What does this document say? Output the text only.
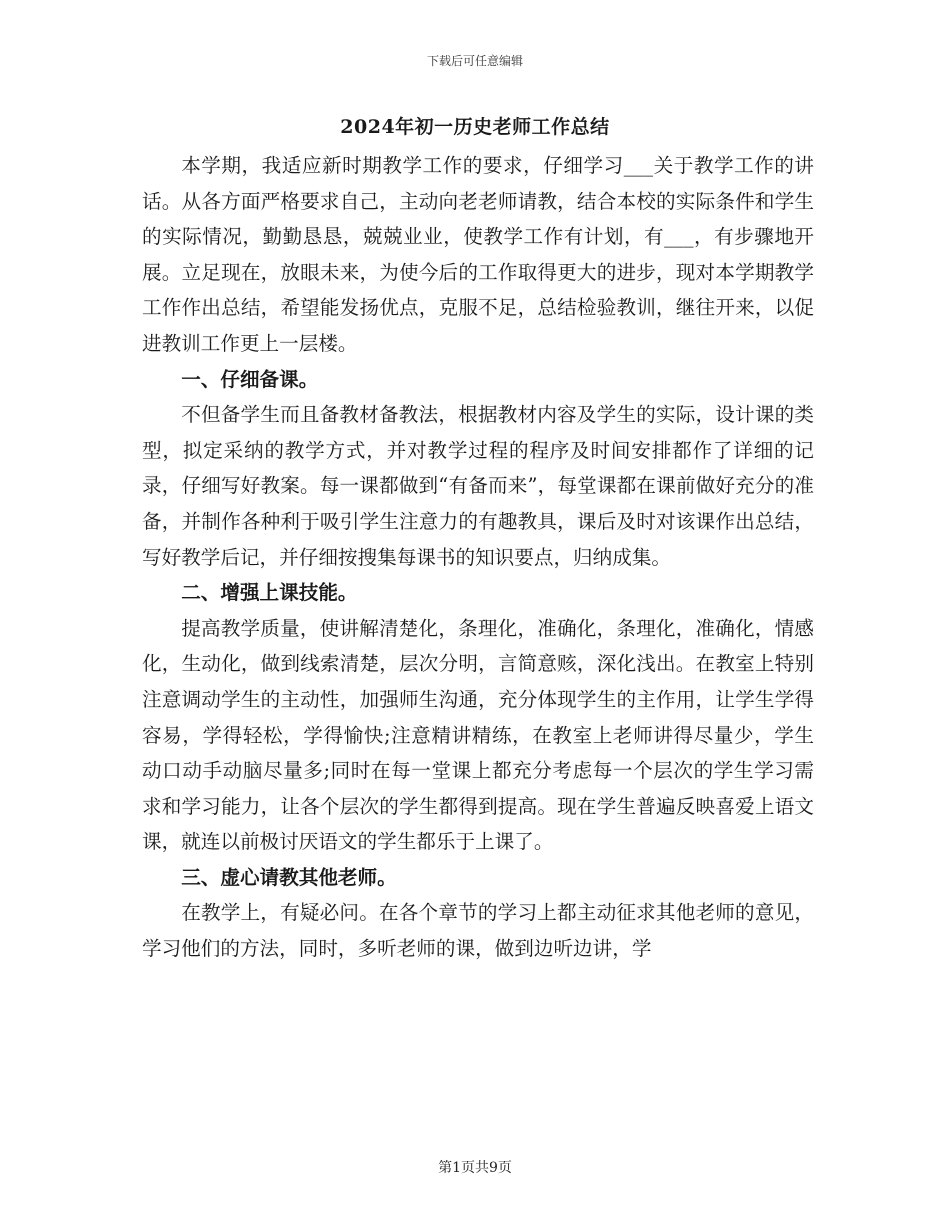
下载后可任意编辑
2024年初一历史老师工作总结

本学期，我适应新时期教学工作的要求，仔细学习___关于教学工作的讲话。从各方面严格要求自己，主动向老老师请教，结合本校的实际条件和学生的实际情况，勤勤恳恳，兢兢业业，使教学工作有计划，有___，有步骤地开展。立足现在，放眼未来，为使今后的工作取得更大的进步，现对本学期教学工作作出总结，希望能发扬优点，克服不足，总结检验教训，继往开来，以促进教训工作更上一层楼。

一、仔细备课。

不但备学生而且备教材备教法，根据教材内容及学生的实际，设计课的类型，拟定采纳的教学方式，并对教学过程的程序及时间安排都作了详细的记录，仔细写好教案。每一课都做到“有备而来”，每堂课都在课前做好充分的准备，并制作各种利于吸引学生注意力的有趣教具，课后及时对该课作出总结，写好教学后记，并仔细按搜集每课书的知识要点，归纳成集。

二、增强上课技能。

提高教学质量，使讲解清楚化，条理化，准确化，条理化，准确化，情感化，生动化，做到线索清楚，层次分明，言简意赅，深化浅出。在教室上特别注意调动学生的主动性，加强师生沟通，充分体现学生的主作用，让学生学得容易，学得轻松，学得愉快;注意精讲精练，在教室上老师讲得尽量少，学生动口动手动脑尽量多;同时在每一堂课上都充分考虑每一个层次的学生学习需求和学习能力，让各个层次的学生都得到提高。现在学生普遍反映喜爱上语文课，就连以前极讨厌语文的学生都乐于上课了。

三、虚心请教其他老师。

在教学上，有疑必问。在各个章节的学习上都主动征求其他老师的意见，学习他们的方法，同时，多听老师的课，做到边听边讲，学

第1页共9页
